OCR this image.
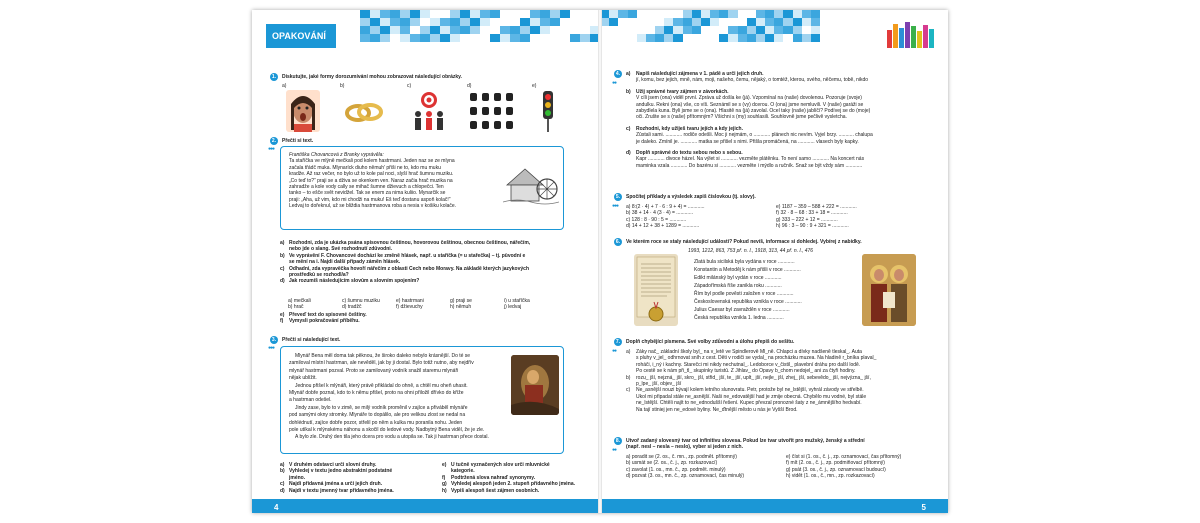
OPAKOVÁNÍ
1.	Diskutujte, jaké formy dorozumívání mohou zobrazovat následující obrázky.
a)	b)	c)	d)	e)
2.
●●●
Přečti si text.
Františka Chovancová z Branky vyprávěla:
Ta staříčka ve mlýně mečkali pod kolem hastrmani. Jeden naz se ze mlyna
začala třádč muka. Mlynaríck diuho němuh' přiši ne to, kdo mu muku
kradže. Až raz večer, no bylo už to kole pal noci, slyší hrač šumnu muziku.
„Co teď to?“ praji se a dživa se okenkem ven. Naraz začia hrač muzika na
zahradže a kole vody cally se mihač šumne džievuch a chlopečci. Ten
tanko – to ešče svět nevidžel. Tak se enem za nima kuliio. Mynarčik se
praji: „Aha, už vim, kdo mi chodži na muku! Eš teď dostanu aspoň kolač!“
Ledvaj to dořeknul, už se bliždia hastrmanova roba a nesia v košiku kolače.
a) Rozhodni, zda je ukázka psána spisovnou češtinou, hovorovou češtinou, obecnou češtinou, nářečím,
nebo jde o slang. Své rozhodnutí zdůvodni.
b) Ve vyprávění F. Chovancové dochází ke změně hlásek, např. u staříčka (= u stařečka) – tj. původní e
se mění na i. Najdi další případy záměn hlásek.
c) Odhadni, zda vypravěčka hovoří nářečím z oblasti Čech nebo Moravy. Na základě kterých jazykových
prostředků se rozhodl/a?
d) Jak rozumíš následujícím slovům a slovním spojením?
a) mečkali	c) šumnu muziku	e) hastrmani	g) praji se	i) u staříčka
b) hrač	d) tradžč	f) džievuchy	h) němuh	j) ledvaj
e) Převeď text do spisovné češtiny.
f)	Vymysli pokračování příběhu.
3.
●●●
Přečti si následující text.
Mlynář Bena měl doma tak pěknou, že široko daleko nebylo krásnější. Do té se
zamiloval místní hastrman, ale nevěděl, jak by ji dostal. Bylo totiž nutno, aby nejdřív
mlynář hastrmani pozval. Proto se zamilovaný vodník snažil staremu mlynáři
nějak ublížit.
Jednou přišel k mlýnáři, který právě přikládal do ohně, a chtěl mu oheň uhasit.
Mlynář dobře poznal, kdo to k němu přišel, proto na ohni přiložil dřívko do kříže
a hastrman odešel.
Jindy zase, bylo to v zimě, se milý vodník proměnil v zajíce a přiváběl mlynáře
pod samými okny stromky. Mlynáře to dopálilo, ale pro velikou zlost se nedal na
dohlédnutí, zajíce dobře pozor, střelil po něm a kulka mu poranila nohu. Jeden
pole utíkal k mlýnskému náhonu a skočil do ledové vody. Nadbytný Bena viděl, že je zle.
A bylo zle. Druhý den tila jeho dcera pro vodu a utopila se. Tak ji hastrman přece dostal.
a) V druhém odstavci urči slovní druhy.
b) Vyhledej v textu jedno abstraktní podstatné
jméno.
c) Najdi přídavná jména a urči jejich druh.
d) Najdi v textu jmenný tvar přídavného jména.
e) U tučně vyznačených slov urči mluvnické
kategorie.
f)	Podtržená slova nahraď synonymy.
g) Vyhledej alespoň jeden 2. stupeň přídavného jména.
h) Vypiš alespoň šest zájmen osobních.
4
4.
●●
a)	Napiš následující zájmena v 1. pádě a urči jejich druh.
jí, komu, bez jejich, mně, nám, moji, našeho, čemu, nějaký, o tomtéž, kterou, svého, něčemu, tobě, nikdo
b)	Užij správné tvary zájmen v závorkách.
V cíli jsem (ona) viděl první. Zpráva už došla ke (já). Vzpomínal na (naše) dovolenou. Pozoruje (svoje)
andulku. Řekni (ona) vše, co víš. Seznámil se s (vy) dcerou. O (ona) jsme nemluvili. V (naše) garáži se
zabydlela kuna. Byli jsme se o (ona). Hlasitě na (já) zavolal. Ocel taky (naše) jablíčí? Podívej se do (moje)
oči. Zrušte se s (naše) přítomným? Všichni s (my) souhlasili. Souhlovně jsme pečlivě vysletcha.
c)	Rozhodni, kdy užiješ tvaru jejích a kdy jejich.
Zůstali sami. ............ rodiče odešli. Moc ji nejmám, o ............ plánech nic nevím. Vyjel brzy. ........... chalupa
je daleko. Zmínil je. ............ matka se přišel s nimi. Přišla promáčená, na ............ vlasech byly kapky.
d)	Doplň správné do textu sebou nebo s sebou.
Kapr ............ divoce házel. Na výlet si ............ vezměte plátěnku. To není samo ............ Na koncert nás
maminka vzala ............ Do bazénu si ............ vezměte i mýdlo a ručník. Snaž se být vždy sám ............
5.
●●●
Spočítej příklady a výsledek zapiš číslovkou (tj. slovy).
a) 8:(2 · 4) + 7 · 6 : 9 + 4) = ............
b) 38 + 14 · 4 (3 · 4) = ............
c) 128 : 8 · 90 : 5 = ............
d) 14 + 12 + 38 + 1289 = ............
e) 1187 – 359 – 588 + 222 = ............
f) 32 · 8 – 68 : 33 + 18 = ............
g) 333 – 222 + 12 = ............
h) 96 : 3 – 90 : 9 + 321 = ............
6.	Ve kterém roce se staly následující události? Pokud nevíš, informace si dohledej. Vybírej z nabídky.
1993, 1212, 863, 753 př. n. l., 1918, 313, 44 př. n. l., 476
Zlatá bula sicilská byla vydána v roce ............
Konstantin a Metoděj k nám přišli v roce ............
Edikt milánský byl vydán v roce ............
Západořímská říše zanikla roku ............
Řím byl podle pověsti založen v roce ............
Československá republika vznikla v roce ............
Julius Caesar byl zavražděn v roce ............
Česká republika vznikla 1. ledna ............
7.
●●
Doplň chybějící písmena. Své volby zdůvodni a úlohu přepiš do sešitu.
a)	Žáky nač_ základní školy byl_ na v_letě ve Špindlerově Ml_ně. Chlapci a dívky nadšeně tleskal_. Auta
s pluhy v_jel_ odhrnovat sníh z cest. Děti v rodiči se vydal_ na procházku muzea. Na hladině r_bníka plaval_
roháči, i_ný i kachny. Starečci mi nikdy nechutnal_. Ledoborce v_čistil_ plavební dráhu pro další lodě.
Po cestě se k nám při_tl_ skupinky turistů. Z Jihlav_ do Opavy b_chom nedojel_ ani za čtyři hodiny.
b)	rozu_ jší, nejzná_ jší, skro_ jší, střid_ jší, te_ jší, uplt_ jší, nejle_ jší, zhej_ jší, sebevědo_ jší, nejvýzna_ jší,
p_lpe_ jší, objev_ jší
c)	Ne_asnější nouzi bývají kolem letního slunovratu. Petr, protože byl ne_lstější, vyhrál závody ve střelbě.
Úkol mi připadal stále ne_asnější. Naši ne_edovatější had je zmije obecná. Chybělo mu vodné, byl stále
ne_lstější. Chtěli najít to ne_ednodušší řešení. Kupec převzal pronozné šaty z ne_ámnějšího hedvabí.
Na tají stiniej jen ne_edové byliny. Ne_ďtnější město u nás je Vyšší Brod.
8.
●●
Utvoř zadaný slovesný tvar od infinitivu slovesa. Pokud lze tvar utvořit pro mužský, ženský a střední
(např. nesl – nesla – neslo), vyber si jeden z nich.
a) poradit se (2. os., č. mn., zp. podmět. přítomný)
b) usmát se (2. os., č. j., zp. rozkazovací)
c) zavolat (1. os., mn. č., zp. podmět. minulý)
d) pozvat (3. os., mn. č., zp. oznamovací, čas minulý)
e) číst si (1. os., č. j., zp. oznamovací, čas přítomný)
f) mít (2. os., č. j., zp. podmiňovací přítomný)
g) psát (3. os., č. j., zp. oznamovací budoucí)
h) vidět (1. os., č., mn., zp. rozkazovací)
5
